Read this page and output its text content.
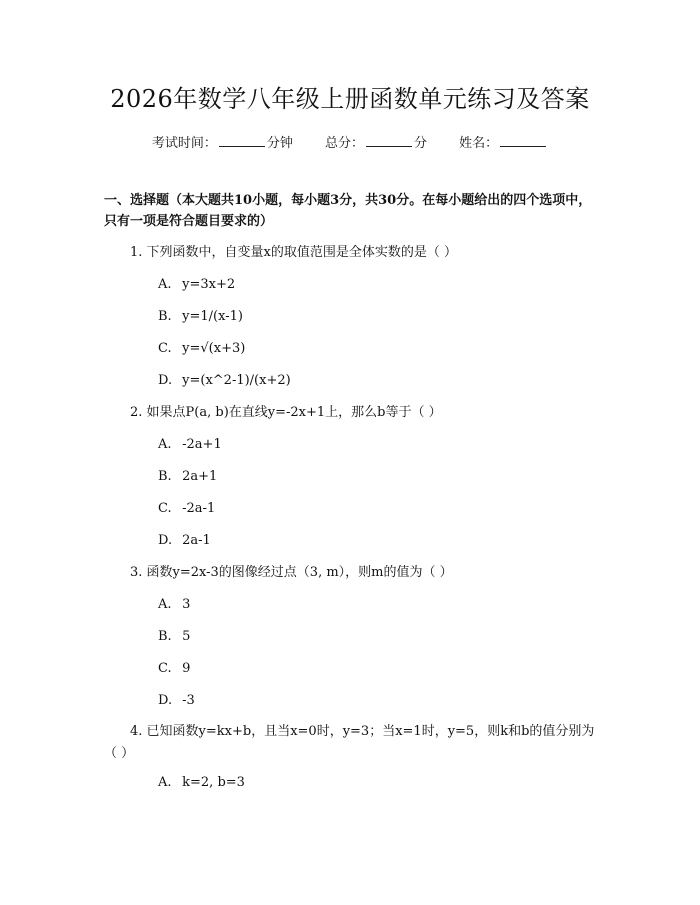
2026年数学八年级上册函数单元练习及答案
考试时间：	分钟 总分：	分 姓名：
一、选择题（本大题共10小题，每小题3分，共30分。在每小题给出的四个选项中，只有一项是符合题目要求的）
1. 下列函数中，自变量x的取值范围是全体实数的是（ ）
A. y=3x+2
B. y=1/(x-1)
C. y=√(x+3)
D. y=(x^2-1)/(x+2)
2. 如果点P(a, b)在直线y=-2x+1上，那么b等于（ ）
A. -2a+1
B. 2a+1
C. -2a-1
D. 2a-1
3. 函数y=2x-3的图像经过点（3, m），则m的值为（ ）
A. 3
B. 5
C. 9
D. -3
4. 已知函数y=kx+b，且当x=0时，y=3；当x=1时，y=5，则k和b的值分别为（ ）
A. k=2, b=3
